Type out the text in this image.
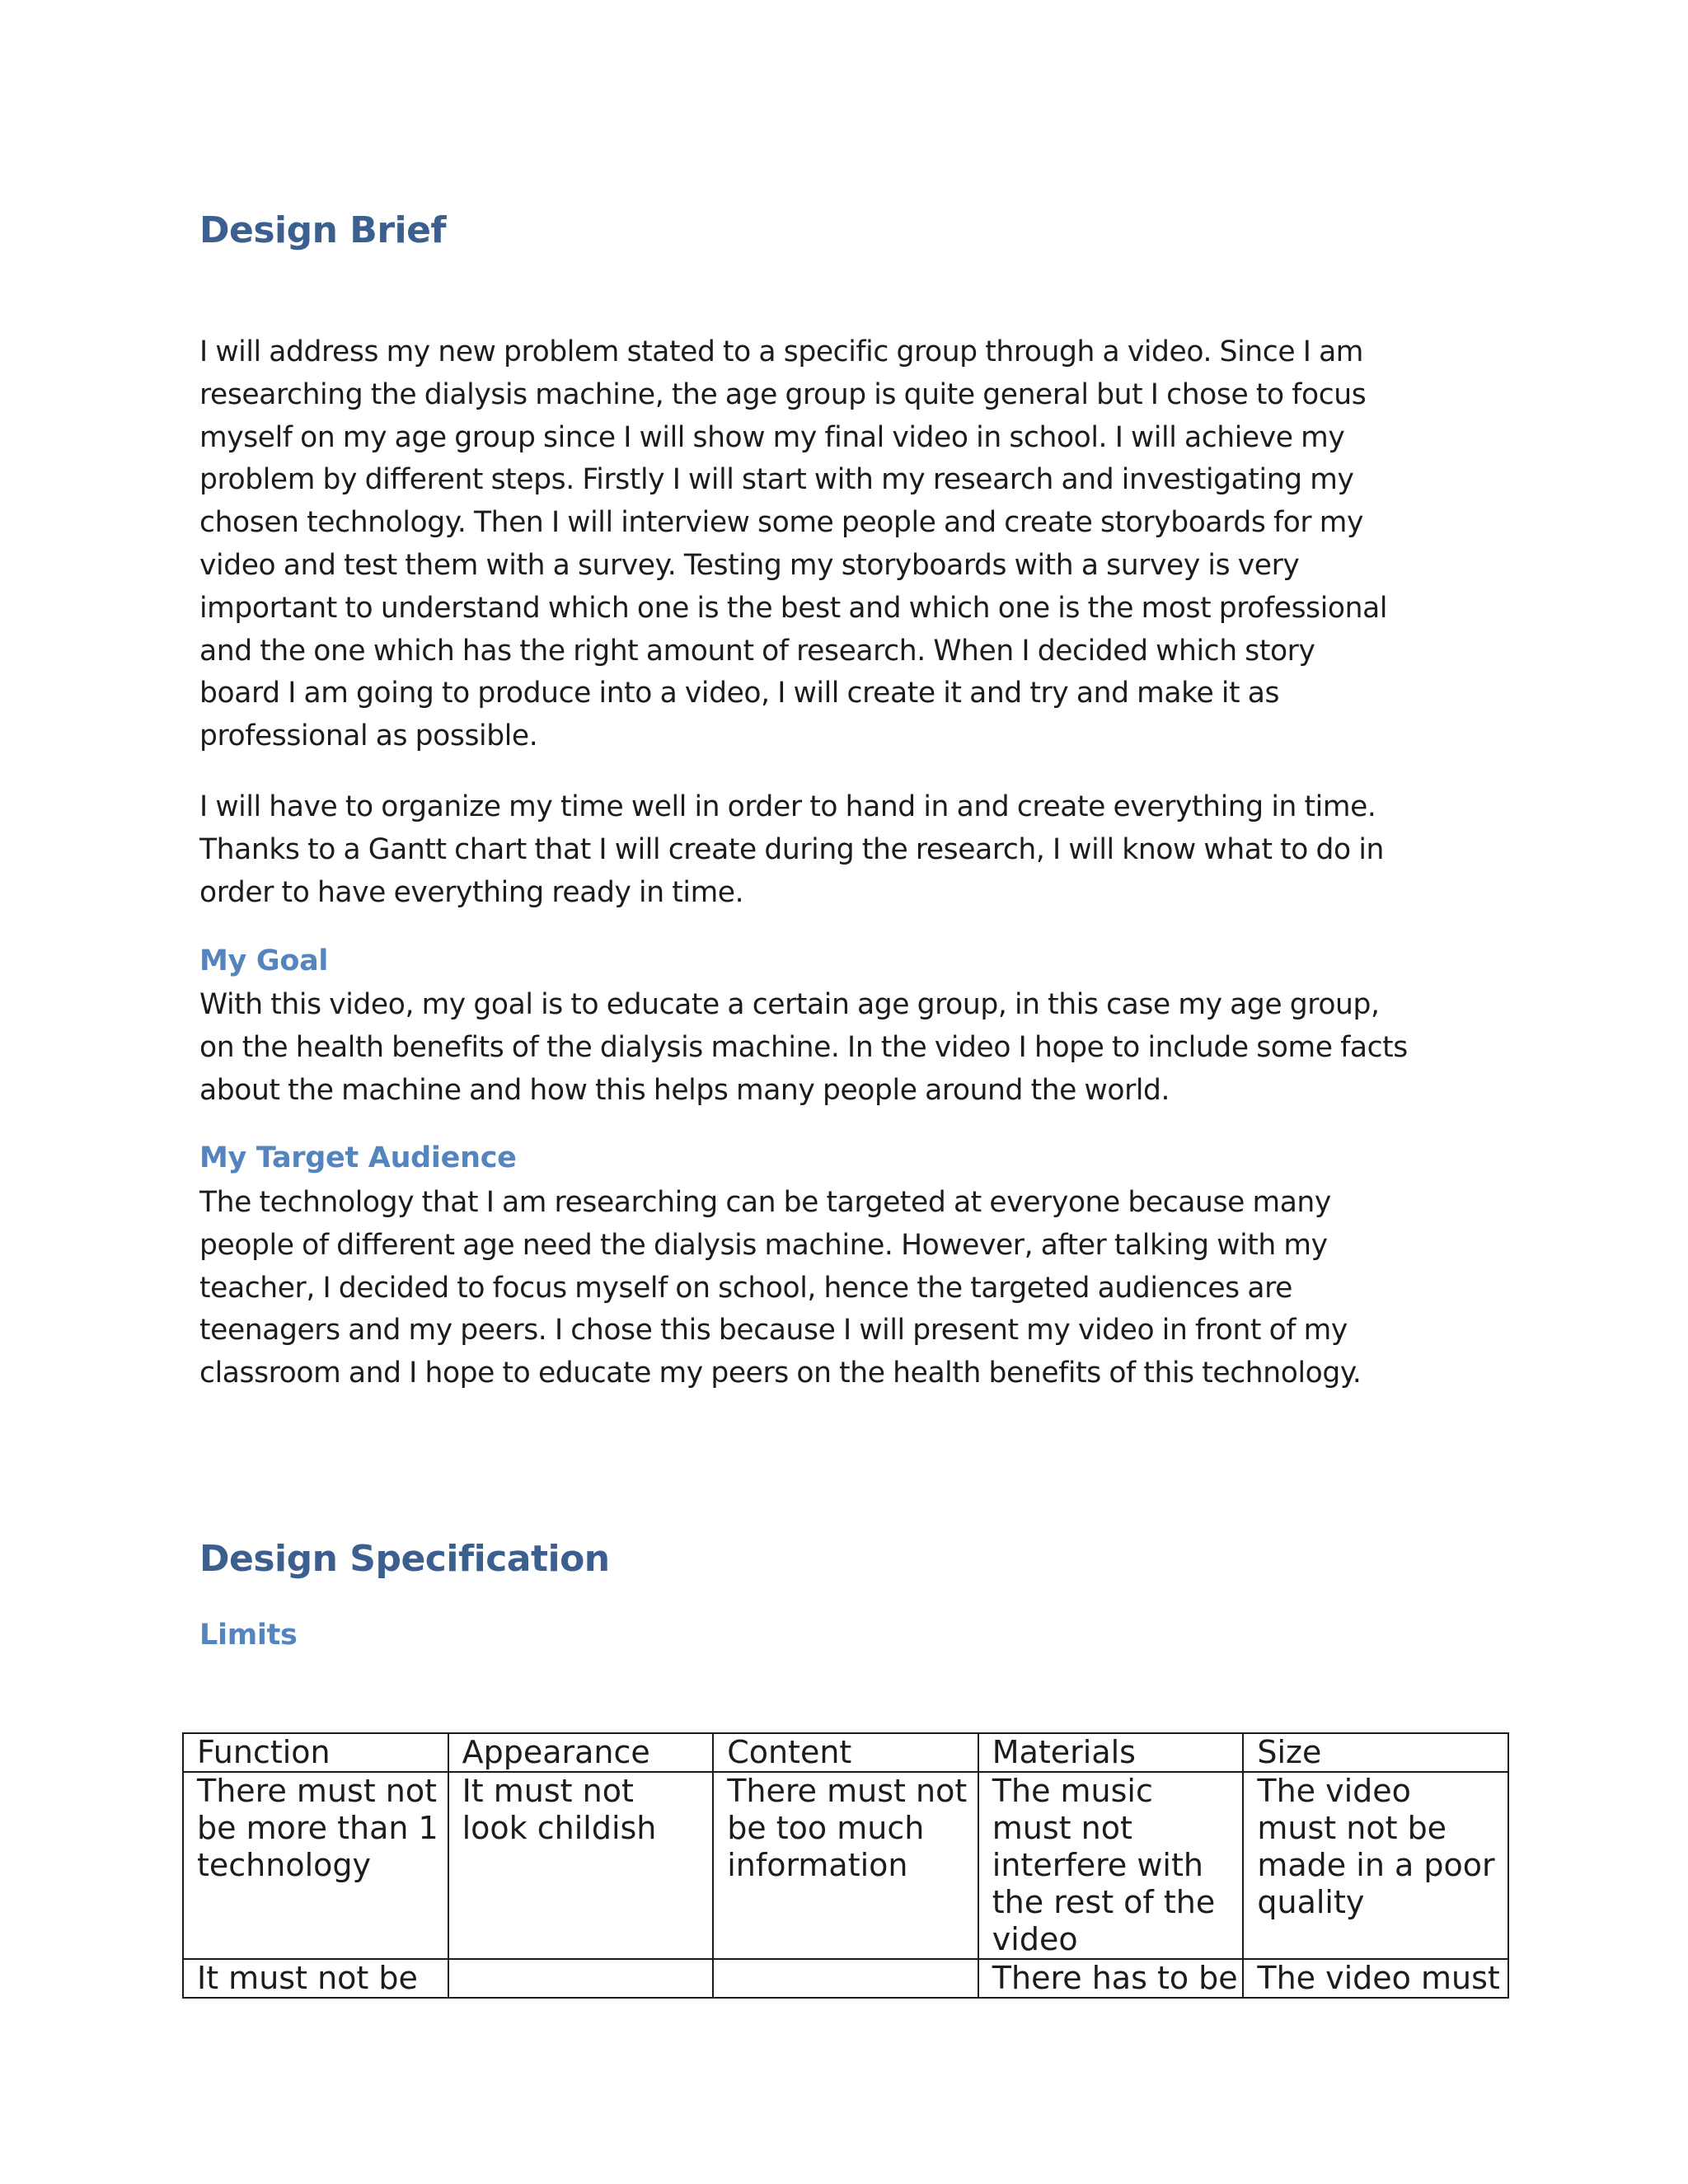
Design Brief
I will address my new problem stated to a specific group through a video. Since I am
researching the dialysis machine, the age group is quite general but I chose to focus
myself on my age group since I will show my final video in school. I will achieve my
problem by different steps. Firstly I will start with my research and investigating my
chosen technology. Then I will interview some people and create storyboards for my
video and test them with a survey. Testing my storyboards with a survey is very
important to understand which one is the best and which one is the most professional
and the one which has the right amount of research. When I decided which story
board I am going to produce into a video, I will create it and try and make it as
professional as possible.
I will have to organize my time well in order to hand in and create everything in time.
Thanks to a Gantt chart that I will create during the research, I will know what to do in
order to have everything ready in time.
My Goal
With this video, my goal is to educate a certain age group, in this case my age group,
on the health benefits of the dialysis machine. In the video I hope to include some facts
about the machine and how this helps many people around the world.
My Target Audience
The technology that I am researching can be targeted at everyone because many
people of different age need the dialysis machine. However, after talking with my
teacher, I decided to focus myself on school, hence the targeted audiences are
teenagers and my peers. I chose this because I will present my video in front of my
classroom and I hope to educate my peers on the health benefits of this technology.
Design Specification
Limits
Function	Appearance	Content	Materials	Size
There must not be more than 1 technology	It must not look childish	There must not be too much information	The music must not interfere with the rest of the video	The video must not be made in a poor quality
It must not be			There has to be	The video must
